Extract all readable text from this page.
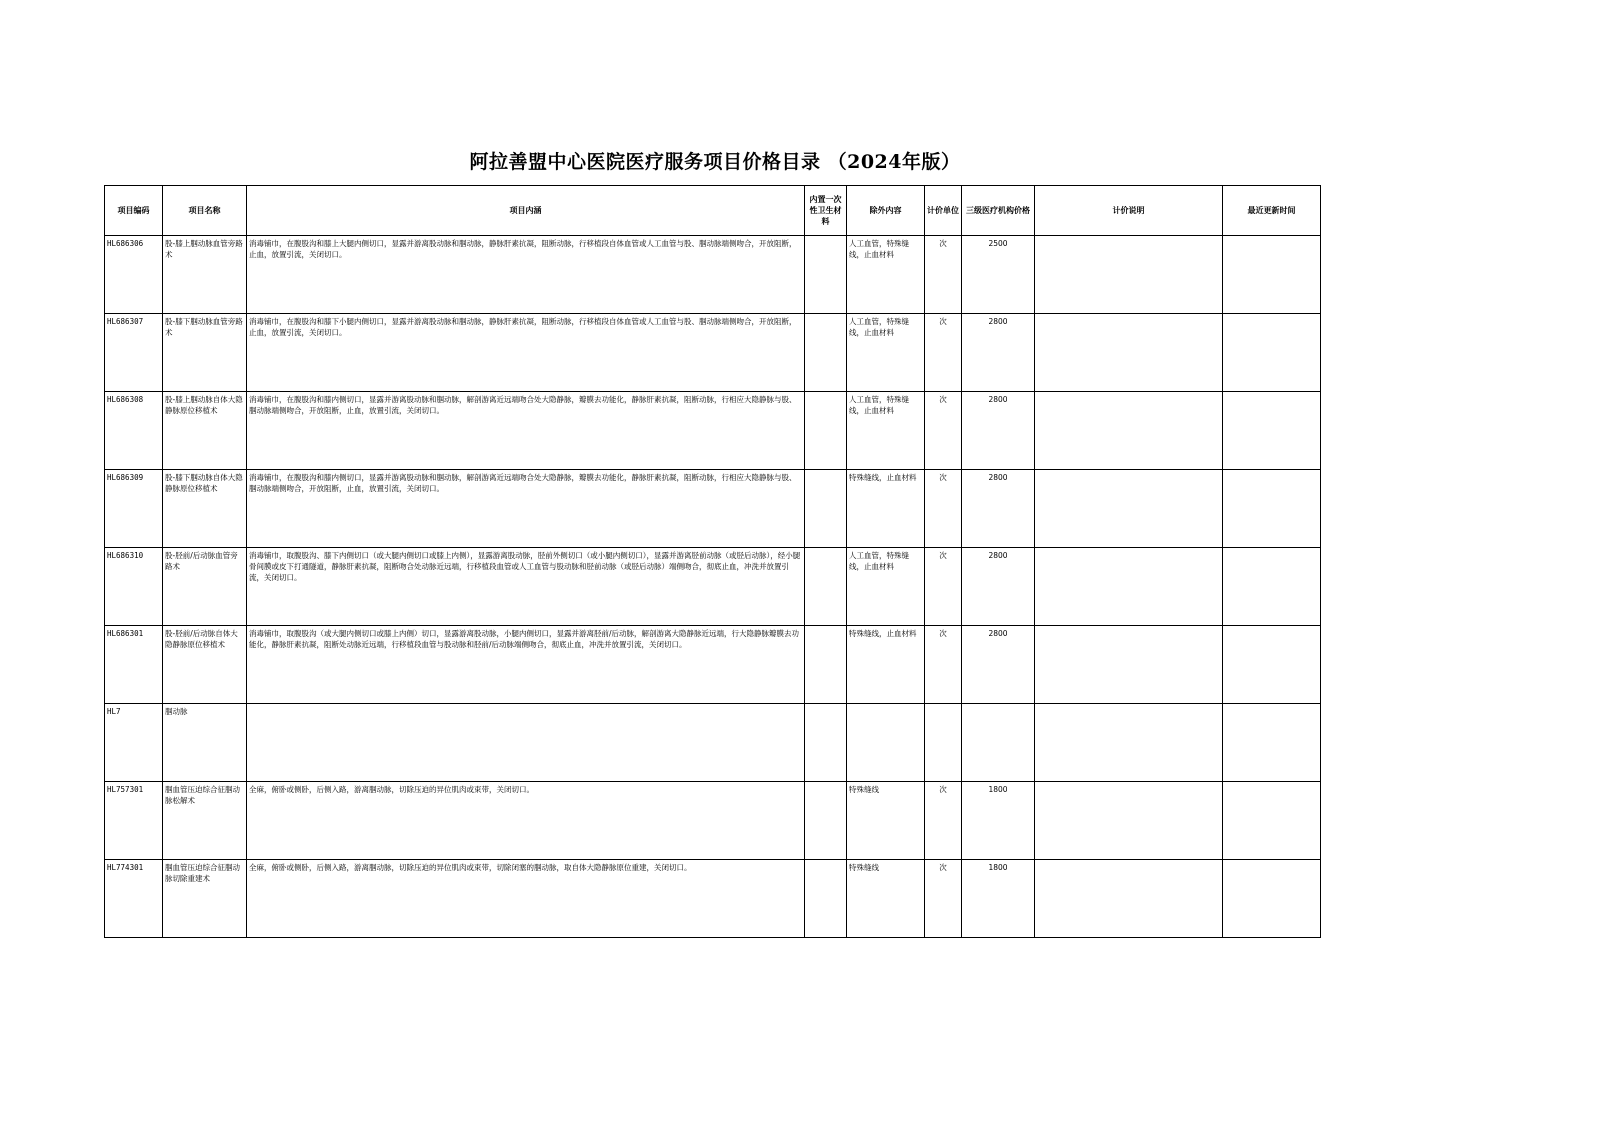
阿拉善盟中心医院医疗服务项目价格目录 （2024年版）
项目编码	项目名称	项目内涵	内置一次性卫生材料	除外内容	计价单位	三级医疗机构价格	计价说明	最近更新时间
HL686306	股-膝上腘动脉血管旁路术	消毒铺巾，在腹股沟和膝上大腿内侧切口，显露并游离股动脉和腘动脉，静脉肝素抗凝，阻断动脉，行移植段自体血管或人工血管与股、腘动脉端侧吻合，开放阻断，止血，放置引流，关闭切口。		人工血管，特殊缝线，止血材料	次	2500		
HL686307	股-膝下腘动脉血管旁路术	消毒铺巾，在腹股沟和膝下小腿内侧切口，显露并游离股动脉和腘动脉，静脉肝素抗凝，阻断动脉，行移植段自体血管或人工血管与股、腘动脉端侧吻合，开放阻断，止血，放置引流，关闭切口。		人工血管，特殊缝线，止血材料	次	2800		
HL686308	股-膝上腘动脉自体大隐静脉原位移植术	消毒铺巾，在腹股沟和膝内侧切口，显露并游离股动脉和腘动脉，解剖游离近远端吻合处大隐静脉，瓣膜去功能化，静脉肝素抗凝，阻断动脉，行相应大隐静脉与股、腘动脉端侧吻合，开放阻断，止血，放置引流，关闭切口。		人工血管，特殊缝线，止血材料	次	2800		
HL686309	股-膝下腘动脉自体大隐静脉原位移植术	消毒铺巾，在腹股沟和膝内侧切口，显露并游离股动脉和腘动脉，解剖游离近远端吻合处大隐静脉，瓣膜去功能化，静脉肝素抗凝，阻断动脉，行相应大隐静脉与股、腘动脉端侧吻合，开放阻断，止血，放置引流，关闭切口。		特殊缝线，止血材料	次	2800		
HL686310	股-胫前/后动脉血管旁路术	消毒铺巾，取腹股沟、膝下内侧切口（或大腿内侧切口或膝上内侧），显露游离股动脉，胫前外侧切口（或小腿内侧切口），显露并游离胫前动脉（或胫后动脉），经小腿骨间膜或皮下打通隧道，静脉肝素抗凝，阻断吻合处动脉近远端，行移植段血管或人工血管与股动脉和胫前动脉（或胫后动脉）端侧吻合，彻底止血，冲洗并放置引流，关闭切口。		人工血管，特殊缝线，止血材料	次	2800		
HL686301	股-胫前/后动脉自体大隐静脉原位移植术	消毒铺巾，取腹股沟（或大腿内侧切口或膝上内侧）切口，显露游离股动脉，小腿内侧切口，显露并游离胫前/后动脉，解剖游离大隐静脉近远端，行大隐静脉瓣膜去功能化，静脉肝素抗凝，阻断处动脉近远端，行移植段血管与股动脉和胫前/后动脉端侧吻合，彻底止血，冲洗并放置引流，关闭切口。		特殊缝线，止血材料	次	2800		
HL7	腘动脉							
HL757301	腘血管压迫综合征腘动脉松解术	全麻，俯卧或侧卧，后侧入路，游离腘动脉，切除压迫的异位肌肉或束带，关闭切口。		特殊缝线	次	1800		
HL774301	腘血管压迫综合征腘动脉切除重建术	全麻，俯卧或侧卧，后侧入路，游离腘动脉，切除压迫的异位肌肉或束带，切除闭塞的腘动脉，取自体大隐静脉原位重建，关闭切口。		特殊缝线	次	1800		
